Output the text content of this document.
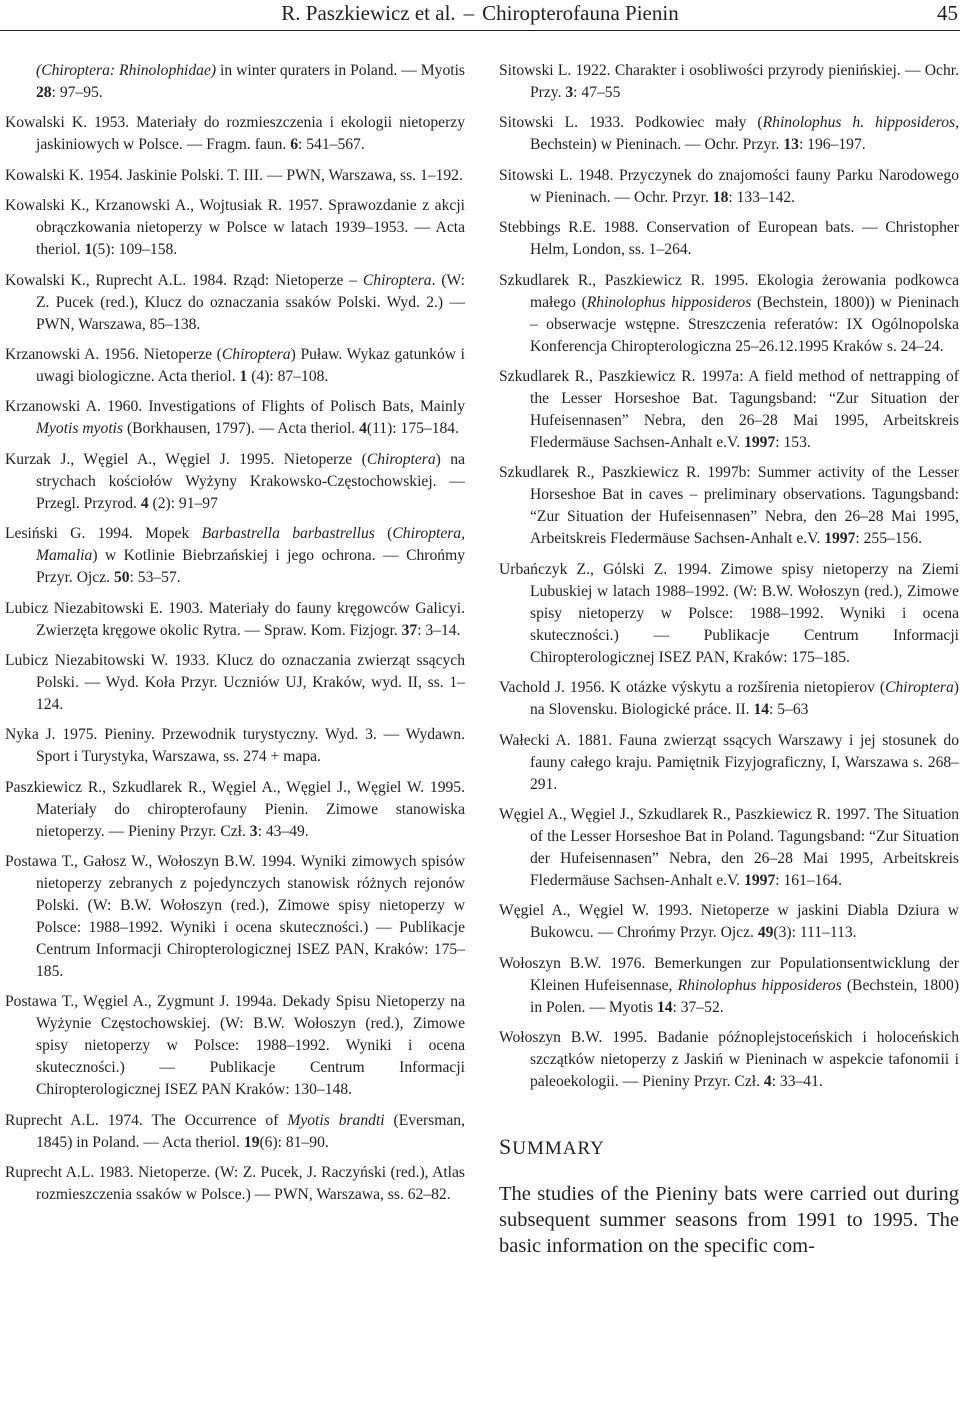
R. Paszkiewicz et al. – Chiropterofauna Pienin	45

(Chiroptera: Rhinolophidae) in winter quraters in Poland. — Myotis 28: 97–95.

Kowalski K. 1953. Materiały do rozmieszczenia i ekologii nietoperzy jaskiniowych w Polsce. — Fragm. faun. 6: 541–567.

Kowalski K. 1954. Jaskinie Polski. T. III. — PWN, Warszawa, ss. 1–192.

Kowalski K., Krzanowski A., Wojtusiak R. 1957. Sprawozdanie z akcji obrączkowania nietoperzy w Polsce w latach 1939–1953. — Acta theriol. 1(5): 109–158.

Kowalski K., Ruprecht A.L. 1984. Rząd: Nietoperze – Chiroptera. (W: Z. Pucek (red.), Klucz do oznaczania ssaków Polski. Wyd. 2.) — PWN, Warszawa, 85–138.

Krzanowski A. 1956. Nietoperze (Chiroptera) Puław. Wykaz gatunków i uwagi biologiczne. Acta theriol. 1 (4): 87–108.

Krzanowski A. 1960. Investigations of Flights of Polisch Bats, Mainly Myotis myotis (Borkhausen, 1797). — Acta theriol. 4(11): 175–184.

Kurzak J., Węgiel A., Węgiel J. 1995. Nietoperze (Chiroptera) na strychach kościołów Wyżyny Krakowsko-Częstochowskiej. — Przegl. Przyrod. 4 (2): 91–97

Lesiński G. 1994. Mopek Barbastrella barbastrellus (Chiroptera, Mamalia) w Kotlinie Biebrzańskiej i jego ochrona. — Chrońmy Przyr. Ojcz. 50: 53–57.

Lubicz Niezabitowski E. 1903. Materiały do fauny kręgowców Galicyi. Zwierzęta kręgowe okolic Rytra. — Spraw. Kom. Fizjogr. 37: 3–14.

Lubicz Niezabitowski W. 1933. Klucz do oznaczania zwierząt ssących Polski. — Wyd. Koła Przyr. Uczniów UJ, Kraków, wyd. II, ss. 1–124.

Nyka J. 1975. Pieniny. Przewodnik turystyczny. Wyd. 3. — Wydawn. Sport i Turystyka, Warszawa, ss. 274 + mapa.

Paszkiewicz R., Szkudlarek R., Węgiel A., Węgiel J., Węgiel W. 1995. Materiały do chiropterofauny Pienin. Zimowe stanowiska nietoperzy. — Pieniny Przyr. Czł. 3: 43–49.

Postawa T., Gałosz W., Wołoszyn B.W. 1994. Wyniki zimowych spisów nietoperzy zebranych z pojedynczych stanowisk różnych rejonów Polski. (W: B.W. Wołoszyn (red.), Zimowe spisy nietoperzy w Polsce: 1988–1992. Wyniki i ocena skuteczności.) — Publikacje Centrum Informacji Chiropterologicznej ISEZ PAN, Kraków: 175–185.

Postawa T., Węgiel A., Zygmunt J. 1994a. Dekady Spisu Nietoperzy na Wyżynie Częstochowskiej. (W: B.W. Wołoszyn (red.), Zimowe spisy nietoperzy w Polsce: 1988–1992. Wyniki i ocena skuteczności.) — Publikacje Centrum Informacji Chiropterologicznej ISEZ PAN Kraków: 130–148.

Ruprecht A.L. 1974. The Occurrence of Myotis brandti (Eversman, 1845) in Poland. — Acta theriol. 19(6): 81–90.

Ruprecht A.L. 1983. Nietoperze. (W: Z. Pucek, J. Raczyński (red.), Atlas rozmieszczenia ssaków w Polsce.) — PWN, Warszawa, ss. 62–82.

Sitowski L. 1922. Charakter i osobliwości przyrody pienińskiej. — Ochr. Przy. 3: 47–55

Sitowski L. 1933. Podkowiec mały (Rhinolophus h. hipposideros, Bechstein) w Pieninach. — Ochr. Przyr. 13: 196–197.

Sitowski L. 1948. Przyczynek do znajomości fauny Parku Narodowego w Pieninach. — Ochr. Przyr. 18: 133–142.

Stebbings R.E. 1988. Conservation of European bats. — Christopher Helm, London, ss. 1–264.

Szkudlarek R., Paszkiewicz R. 1995. Ekologia żerowania podkowca małego (Rhinolophus hipposideros (Bechstein, 1800)) w Pieninach – obserwacje wstępne. Streszczenia referatów: IX Ogólnopolska Konferencja Chiropterologiczna 25–26.12.1995 Kraków s. 24–24.

Szkudlarek R., Paszkiewicz R. 1997a: A field method of nettrapping of the Lesser Horseshoe Bat. Tagungsband: “Zur Situation der Hufeisennasen” Nebra, den 26–28 Mai 1995, Arbeitskreis Fledermäuse Sachsen-Anhalt e.V. 1997: 153.

Szkudlarek R., Paszkiewicz R. 1997b: Summer activity of the Lesser Horseshoe Bat in caves – preliminary observations. Tagungsband: “Zur Situation der Hufeisennasen” Nebra, den 26–28 Mai 1995, Arbeitskreis Fledermäuse Sachsen-Anhalt e.V. 1997: 255–156.

Urbańczyk Z., Gólski Z. 1994. Zimowe spisy nietoperzy na Ziemi Lubuskiej w latach 1988–1992. (W: B.W. Wołoszyn (red.), Zimowe spisy nietoperzy w Polsce: 1988–1992. Wyniki i ocena skuteczności.) — Publikacje Centrum Informacji Chiropterologicznej ISEZ PAN, Kraków: 175–185.

Vachold J. 1956. K otázke výskytu a rozšírenia nietopierov (Chiroptera) na Slovensku. Biologické práce. II. 14: 5–63

Wałecki A. 1881. Fauna zwierząt ssących Warszawy i jej stosunek do fauny całego kraju. Pamiętnik Fizyjograficzny, I, Warszawa s. 268–291.

Węgiel A., Węgiel J., Szkudlarek R., Paszkiewicz R. 1997. The Situation of the Lesser Horseshoe Bat in Poland. Tagungsband: “Zur Situation der Hufeisennasen” Nebra, den 26–28 Mai 1995, Arbeitskreis Fledermäuse Sachsen-Anhalt e.V. 1997: 161–164.

Węgiel A., Węgiel W. 1993. Nietoperze w jaskini Diabla Dziura w Bukowcu. — Chrońmy Przyr. Ojcz. 49(3): 111–113.

Wołoszyn B.W. 1976. Bemerkungen zur Populationsentwicklung der Kleinen Hufeisennase, Rhinolophus hipposideros (Bechstein, 1800) in Polen. — Myotis 14: 37–52.

Wołoszyn B.W. 1995. Badanie późnoplejstoceńskich i holoceńskich szczątków nietoperzy z Jaskiń w Pieninach w aspekcie tafonomii i paleoekologii. — Pieniny Przyr. Czł. 4: 33–41.

SUMMARY

The studies of the Pieniny bats were carried out during subsequent summer seasons from 1991 to 1995. The basic information on the specific com-
